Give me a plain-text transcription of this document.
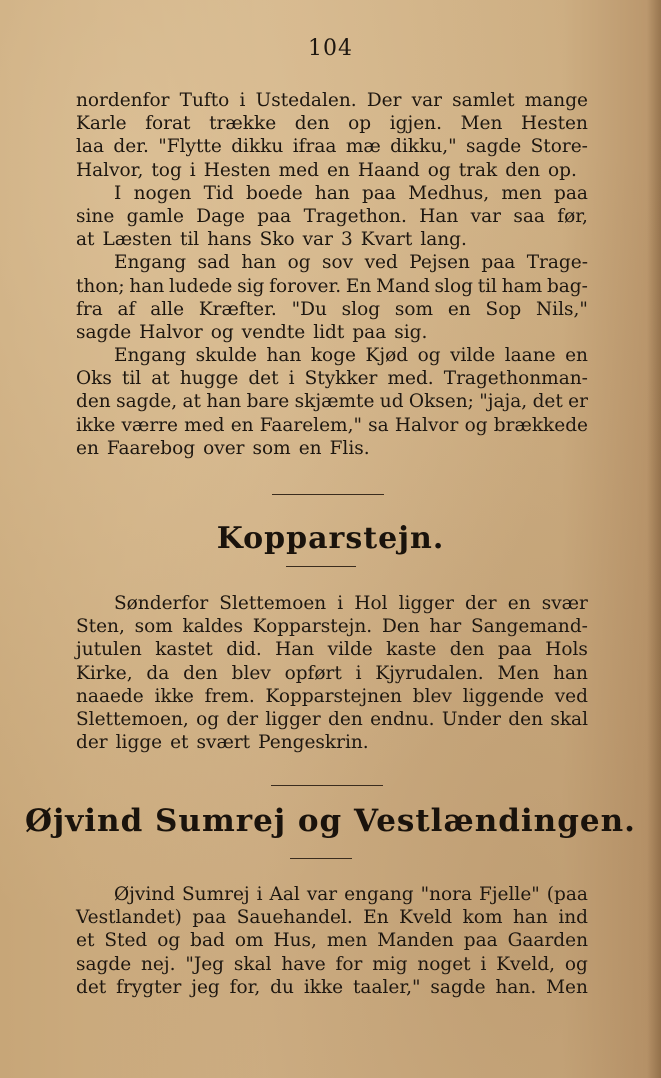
104
nordenfor Tufto i Ustedalen. Der var samlet mange
Karle forat trække den op igjen. Men Hesten
laa der. "Flytte dikku ifraa mæ dikku," sagde Store-
Halvor, tog i Hesten med en Haand og trak den op.
I nogen Tid boede han paa Medhus, men paa
sine gamle Dage paa Tragethon. Han var saa før,
at Læsten til hans Sko var 3 Kvart lang.
Engang sad han og sov ved Pejsen paa Trage-
thon; han ludede sig forover. En Mand slog til ham bag-
fra af alle Kræfter. "Du slog som en Sop Nils,"
sagde Halvor og vendte lidt paa sig.
Engang skulde han koge Kjød og vilde laane en
Oks til at hugge det i Stykker med. Tragethonman-
den sagde, at han bare skjæmte ud Oksen; "jaja, det er
ikke værre med en Faarelem," sa Halvor og brækkede
en Faarebog over som en Flis.
Kopparstejn.
Sønderfor Slettemoen i Hol ligger der en svær
Sten, som kaldes Kopparstejn. Den har Sangemand-
jutulen kastet did. Han vilde kaste den paa Hols
Kirke, da den blev opført i Kjyrudalen. Men han
naaede ikke frem. Kopparstejnen blev liggende ved
Slettemoen, og der ligger den endnu. Under den skal
der ligge et svært Pengeskrin.
Øjvind Sumrej og Vestlændingen.
Øjvind Sumrej i Aal var engang "nora Fjelle" (paa
Vestlandet) paa Sauehandel. En Kveld kom han ind
et Sted og bad om Hus, men Manden paa Gaarden
sagde nej. "Jeg skal have for mig noget i Kveld, og
det frygter jeg for, du ikke taaler," sagde han. Men
